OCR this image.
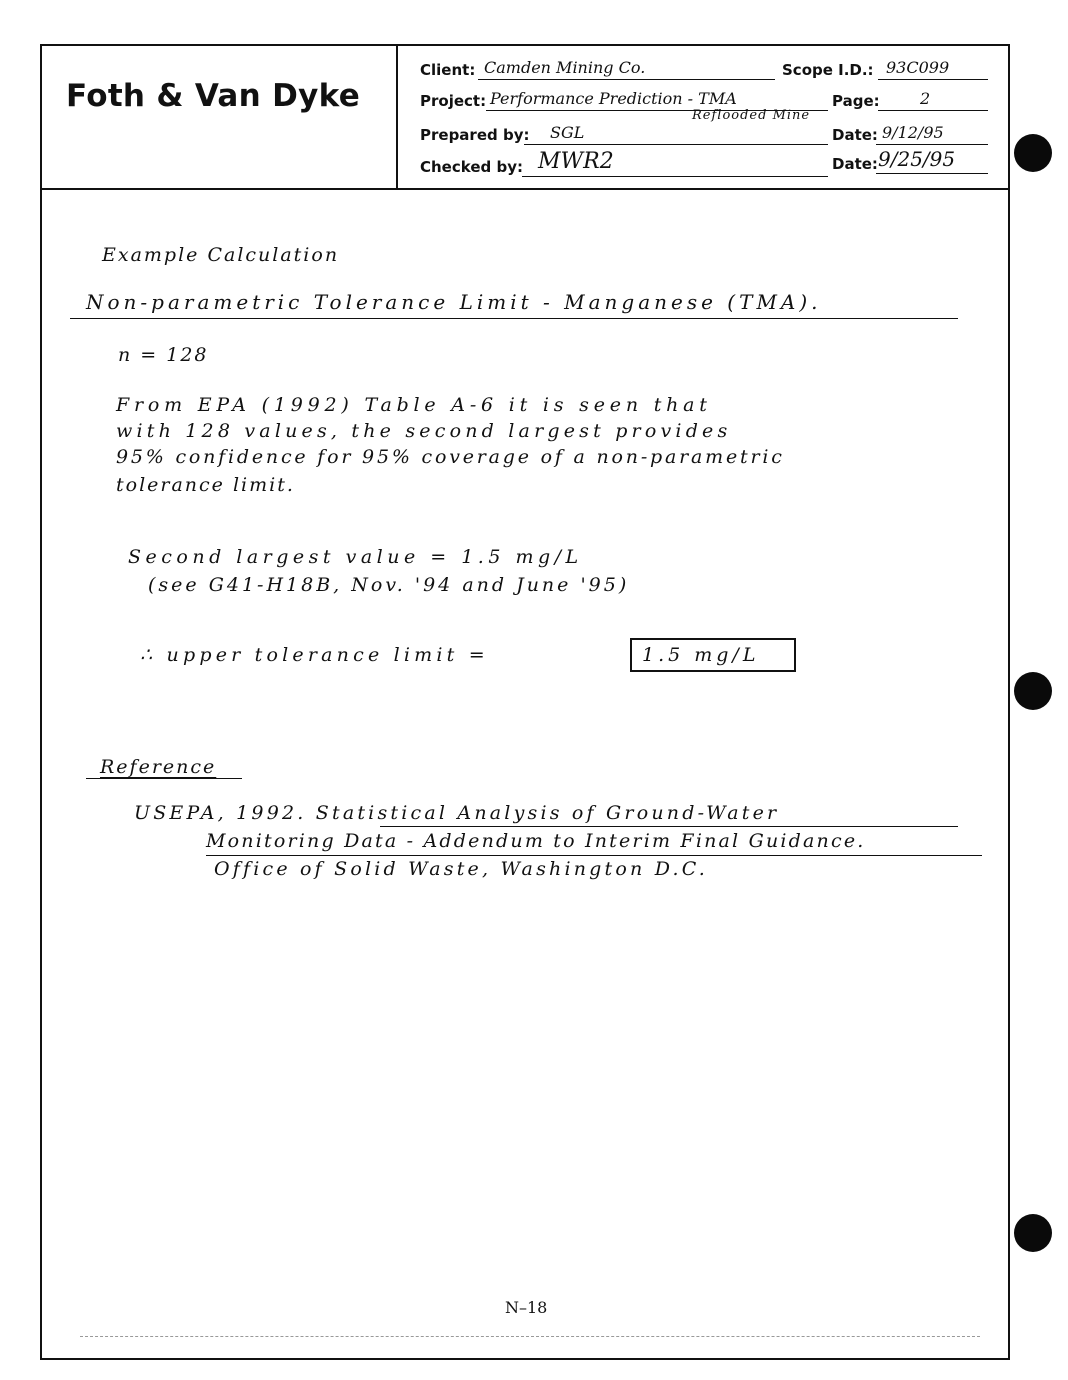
Foth & Van Dyke
Client: Camden Mining Co.	Scope I.D.: 93C099
Project: Performance Prediction - TMA
Reflooded Mine
Page:	2
Prepared by: SGL	Date: 9/12/95
Checked by: MWR2	Date: 9/25/95
Example Calculation
Non-parametric Tolerance Limit - Manganese (TMA).
n = 128
From EPA (1992) Table A-6 it is seen that
with 128 values, the second largest provides
95% confidence for 95% coverage of a non-parametric
tolerance limit.
Second largest value = 1.5 mg/L
(see G41-H18B, Nov. '94 and June '95)
∴ upper tolerance limit =	1.5 mg/L
Reference
USEPA, 1992. Statistical Analysis of Ground-Water
Monitoring Data - Addendum to Interim Final Guidance.
Office of Solid Waste, Washington D.C.
N–18
